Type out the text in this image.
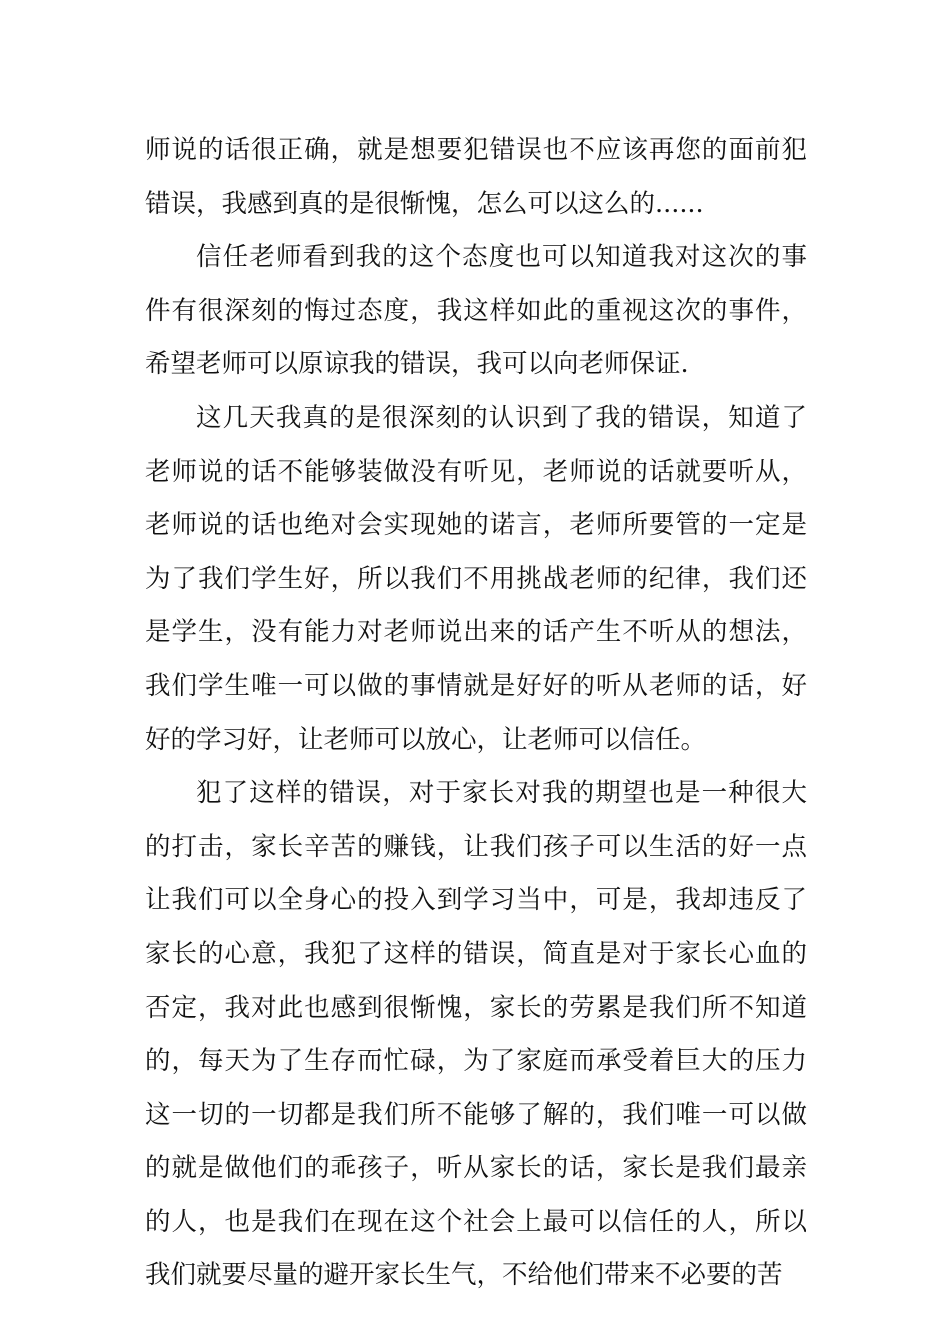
师说的话很正确，就是想要犯错误也不应该再您的面前犯错误，我感到真的是很惭愧，怎么可以这么的......

信任老师看到我的这个态度也可以知道我对这次的事件有很深刻的悔过态度，我这样如此的重视这次的事件，希望老师可以原谅我的错误，我可以向老师保证.

这几天我真的是很深刻的认识到了我的错误，知道了老师说的话不能够装做没有听见，老师说的话就要听从，老师说的话也绝对会实现她的诺言，老师所要管的一定是为了我们学生好，所以我们不用挑战老师的纪律，我们还是学生，没有能力对老师说出来的话产生不听从的想法，我们学生唯一可以做的事情就是好好的听从老师的话，好好的学习好，让老师可以放心，让老师可以信任。

犯了这样的错误，对于家长对我的期望也是一种很大的打击，家长辛苦的赚钱，让我们孩子可以生活的好一点让我们可以全身心的投入到学习当中，可是，我却违反了家长的心意，我犯了这样的错误，简直是对于家长心血的否定，我对此也感到很惭愧，家长的劳累是我们所不知道的，每天为了生存而忙碌，为了家庭而承受着巨大的压力这一切的一切都是我们所不能够了解的，我们唯一可以做的就是做他们的乖孩子，听从家长的话，家长是我们最亲的人，也是我们在现在这个社会上最可以信任的人，所以我们就要尽量的避开家长生气，不给他们带来不必要的苦
